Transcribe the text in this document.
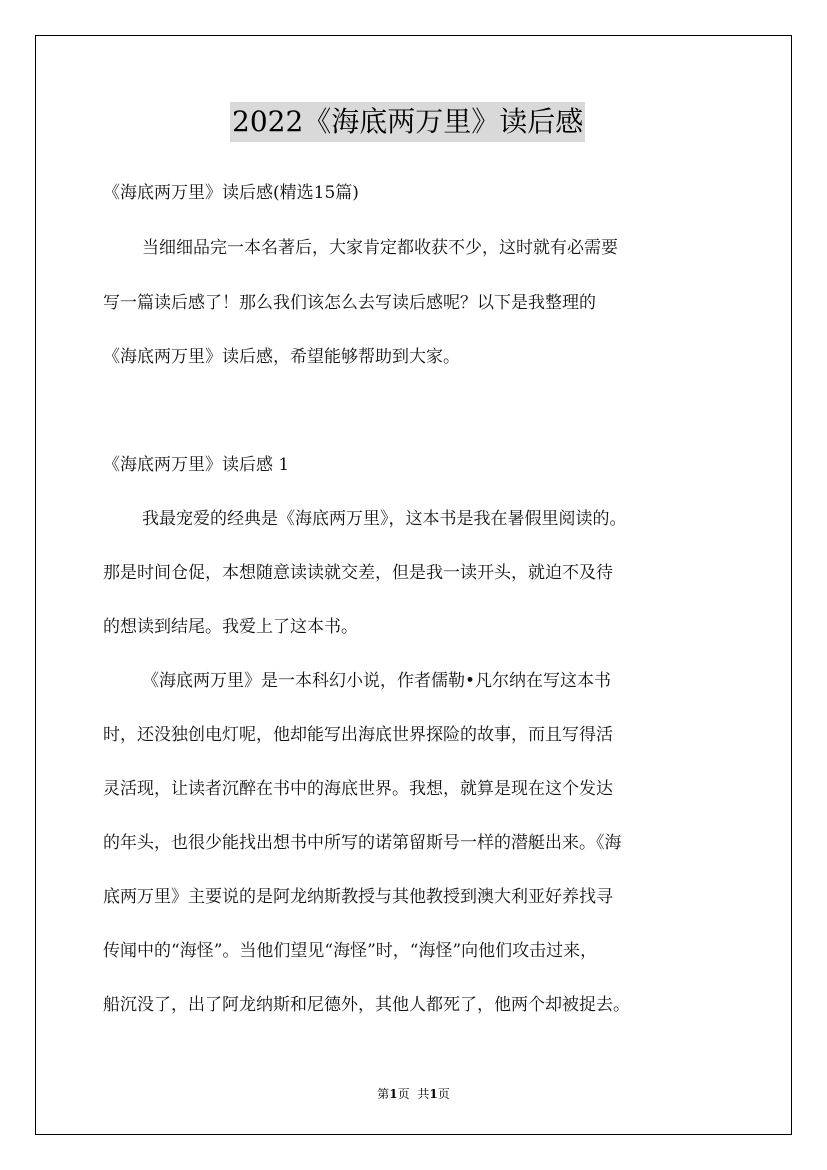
2022《海底两万里》读后感
《海底两万里》读后感(精选15篇)
当细细品完一本名著后，大家肯定都收获不少，这时就有必需要
写一篇读后感了！那么我们该怎么去写读后感呢？以下是我整理的
《海底两万里》读后感，希望能够帮助到大家。
《海底两万里》读后感 1
我最宠爱的经典是《海底两万里》，这本书是我在暑假里阅读的。
那是时间仓促，本想随意读读就交差，但是我一读开头，就迫不及待
的想读到结尾。我爱上了这本书。
《海底两万里》是一本科幻小说，作者儒勒•凡尔纳在写这本书
时，还没独创电灯呢，他却能写出海底世界探险的故事，而且写得活
灵活现，让读者沉醉在书中的海底世界。我想，就算是现在这个发达
的年头，也很少能找出想书中所写的诺第留斯号一样的潜艇出来。《海
底两万里》主要说的是阿龙纳斯教授与其他教授到澳大利亚好养找寻
传闻中的“海怪”。当他们望见“海怪”时，“海怪”向他们攻击过来，
船沉没了，出了阿龙纳斯和尼德外，其他人都死了，他两个却被捉去。
第1页 共1页
